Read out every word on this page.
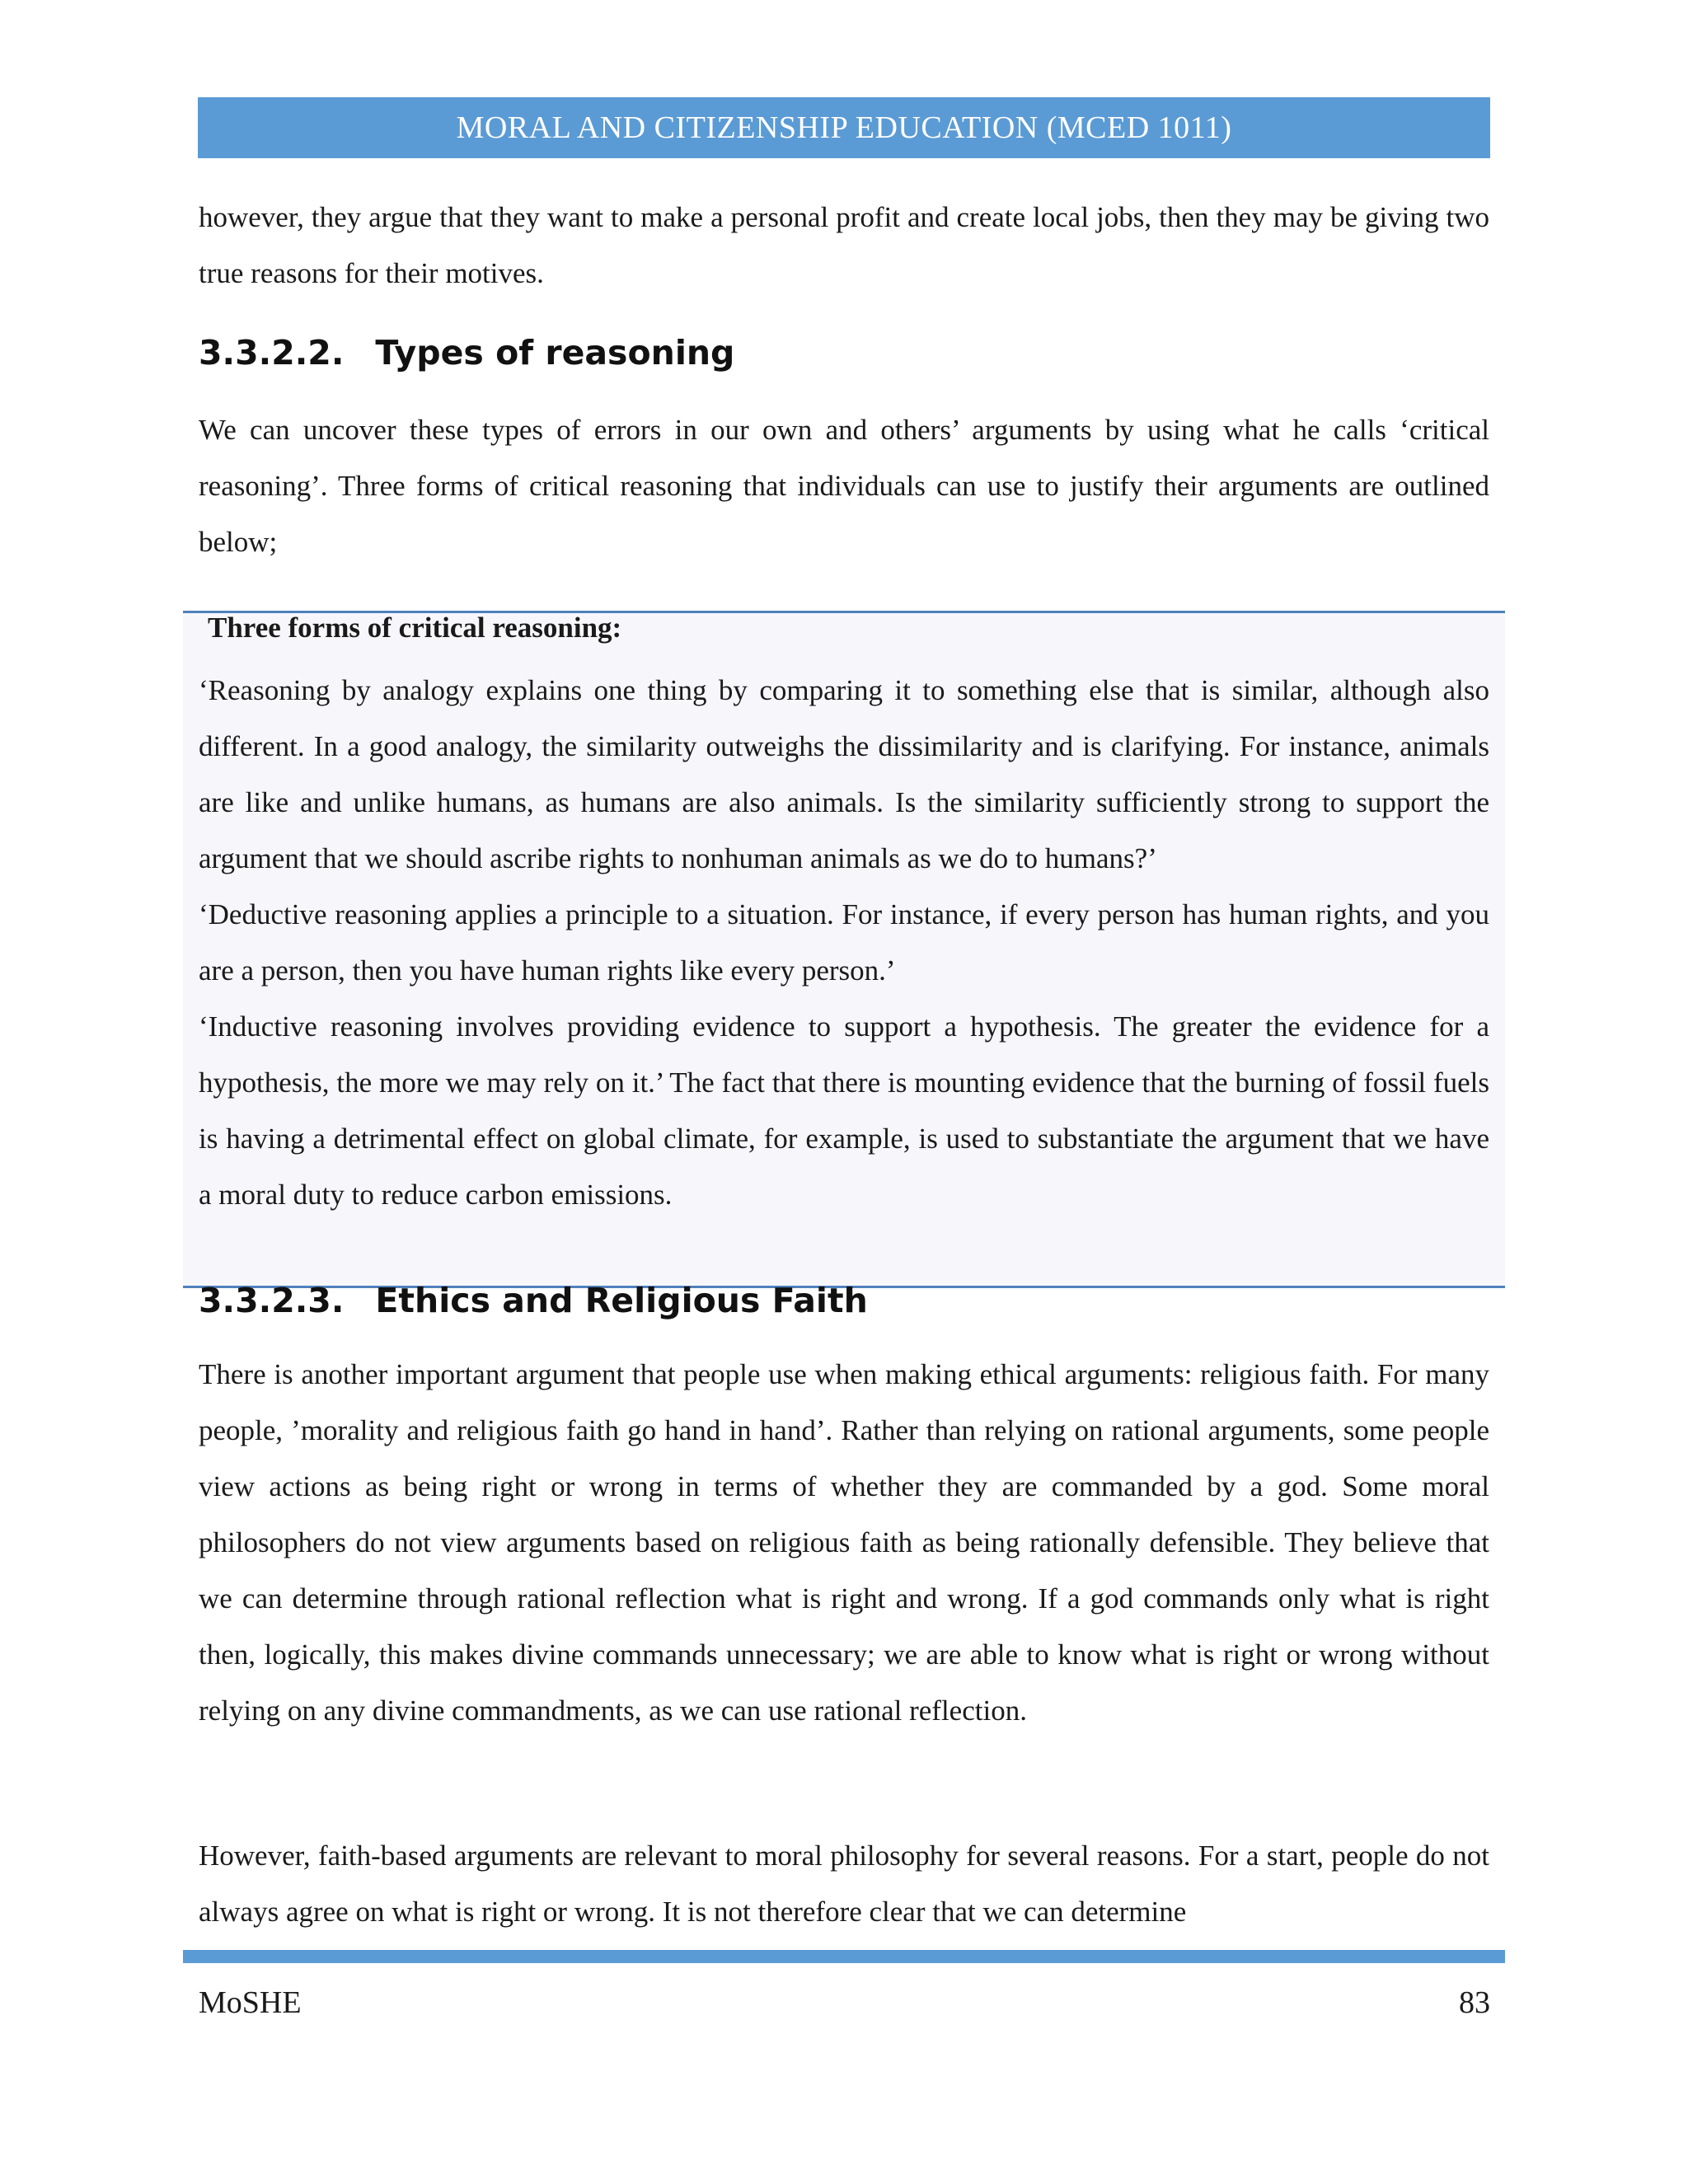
MORAL AND CITIZENSHIP EDUCATION (MCED 1011)

however, they argue that they want to make a personal profit and create local jobs, then they may be giving two true reasons for their motives.

3.3.2.2. Types of reasoning

We can uncover these types of errors in our own and others’ arguments by using what he calls ‘critical reasoning’. Three forms of critical reasoning that individuals can use to justify their arguments are outlined below;

Three forms of critical reasoning:

‘Reasoning by analogy explains one thing by comparing it to something else that is similar, although also different. In a good analogy, the similarity outweighs the dissimilarity and is clarifying. For instance, animals are like and unlike humans, as humans are also animals. Is the similarity sufficiently strong to support the argument that we should ascribe rights to nonhuman animals as we do to humans?’
‘Deductive reasoning applies a principle to a situation. For instance, if every person has human rights, and you are a person, then you have human rights like every person.’
‘Inductive reasoning involves providing evidence to support a hypothesis. The greater the evidence for a hypothesis, the more we may rely on it.’ The fact that there is mounting evidence that the burning of fossil fuels is having a detrimental effect on global climate, for example, is used to substantiate the argument that we have a moral duty to reduce carbon emissions.
3.3.2.3. Ethics and Religious Faith

There is another important argument that people use when making ethical arguments: religious faith. For many people, ’morality and religious faith go hand in hand’. Rather than relying on rational arguments, some people view actions as being right or wrong in terms of whether they are commanded by a god. Some moral philosophers do not view arguments based on religious faith as being rationally defensible. They believe that we can determine through rational reflection what is right and wrong. If a god commands only what is right then, logically, this makes divine commands unnecessary; we are able to know what is right or wrong without relying on any divine commandments, as we can use rational reflection.

However, faith-based arguments are relevant to moral philosophy for several reasons. For a start, people do not always agree on what is right or wrong. It is not therefore clear that we can determine

MoSHE	83
